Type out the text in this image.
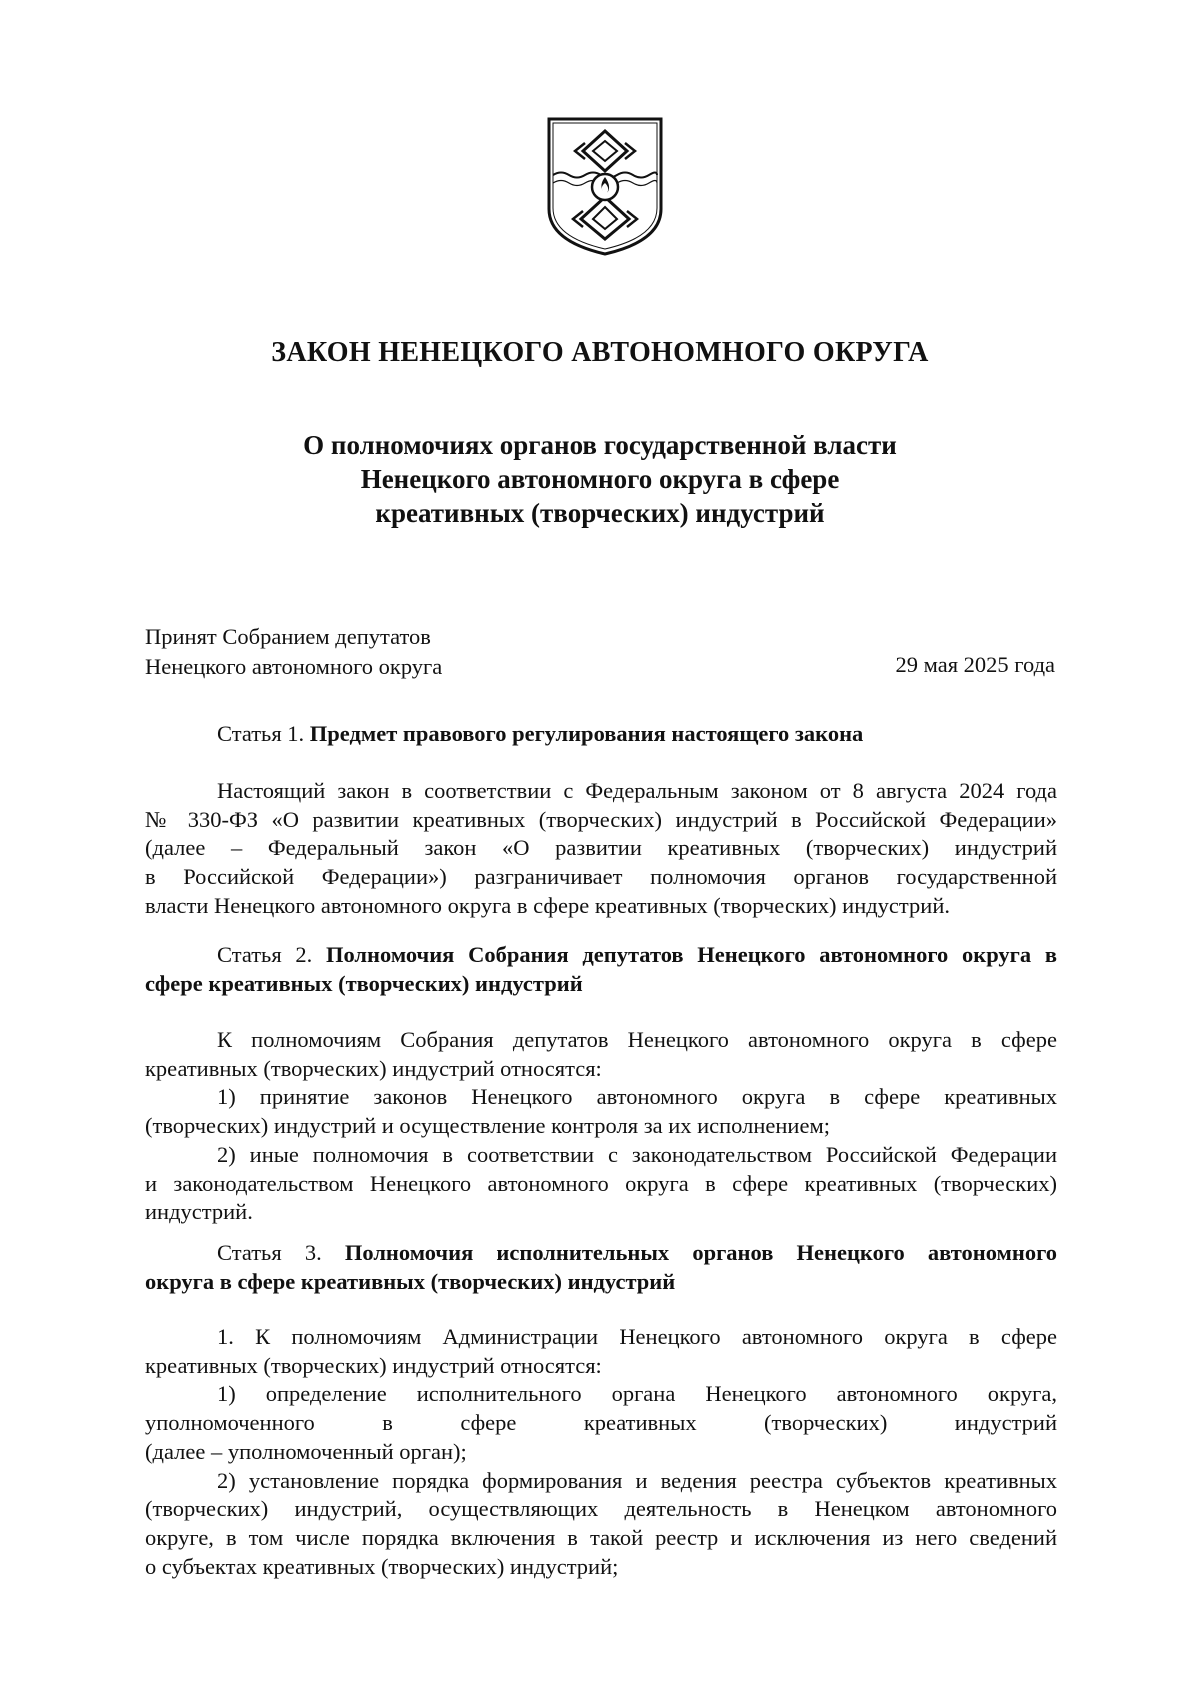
ЗАКОН НЕНЕЦКОГО АВТОНОМНОГО ОКРУГА
О полномочиях органов государственной власти
Ненецкого автономного округа в сфере
креативных (творческих) индустрий
Принят Собранием депутатов
Ненецкого автономного округа	29 мая 2025 года
Статья 1. Предмет правового регулирования настоящего закона
Настоящий закон в соответствии с Федеральным законом от 8 августа 2024 года
№ 330-ФЗ «О развитии креативных (творческих) индустрий в Российской Федерации»
(далее – Федеральный закон «О развитии креативных (творческих) индустрий
в Российской Федерации») разграничивает полномочия органов государственной
власти Ненецкого автономного округа в сфере креативных (творческих) индустрий.
Статья 2. Полномочия Собрания депутатов Ненецкого автономного округа в
сфере креативных (творческих) индустрий
К полномочиям Собрания депутатов Ненецкого автономного округа в сфере
креативных (творческих) индустрий относятся:
1) принятие законов Ненецкого автономного округа в сфере креативных
(творческих) индустрий и осуществление контроля за их исполнением;
2) иные полномочия в соответствии с законодательством Российской Федерации
и законодательством Ненецкого автономного округа в сфере креативных (творческих)
индустрий.
Статья 3. Полномочия исполнительных органов Ненецкого автономного
округа в сфере креативных (творческих) индустрий
1. К полномочиям Администрации Ненецкого автономного округа в сфере
креативных (творческих) индустрий относятся:
1) определение исполнительного органа Ненецкого автономного округа,
уполномоченного в сфере креативных (творческих) индустрий
(далее – уполномоченный орган);
2) установление порядка формирования и ведения реестра субъектов креативных
(творческих) индустрий, осуществляющих деятельность в Ненецком автономного
округе, в том числе порядка включения в такой реестр и исключения из него сведений
о субъектах креативных (творческих) индустрий;
